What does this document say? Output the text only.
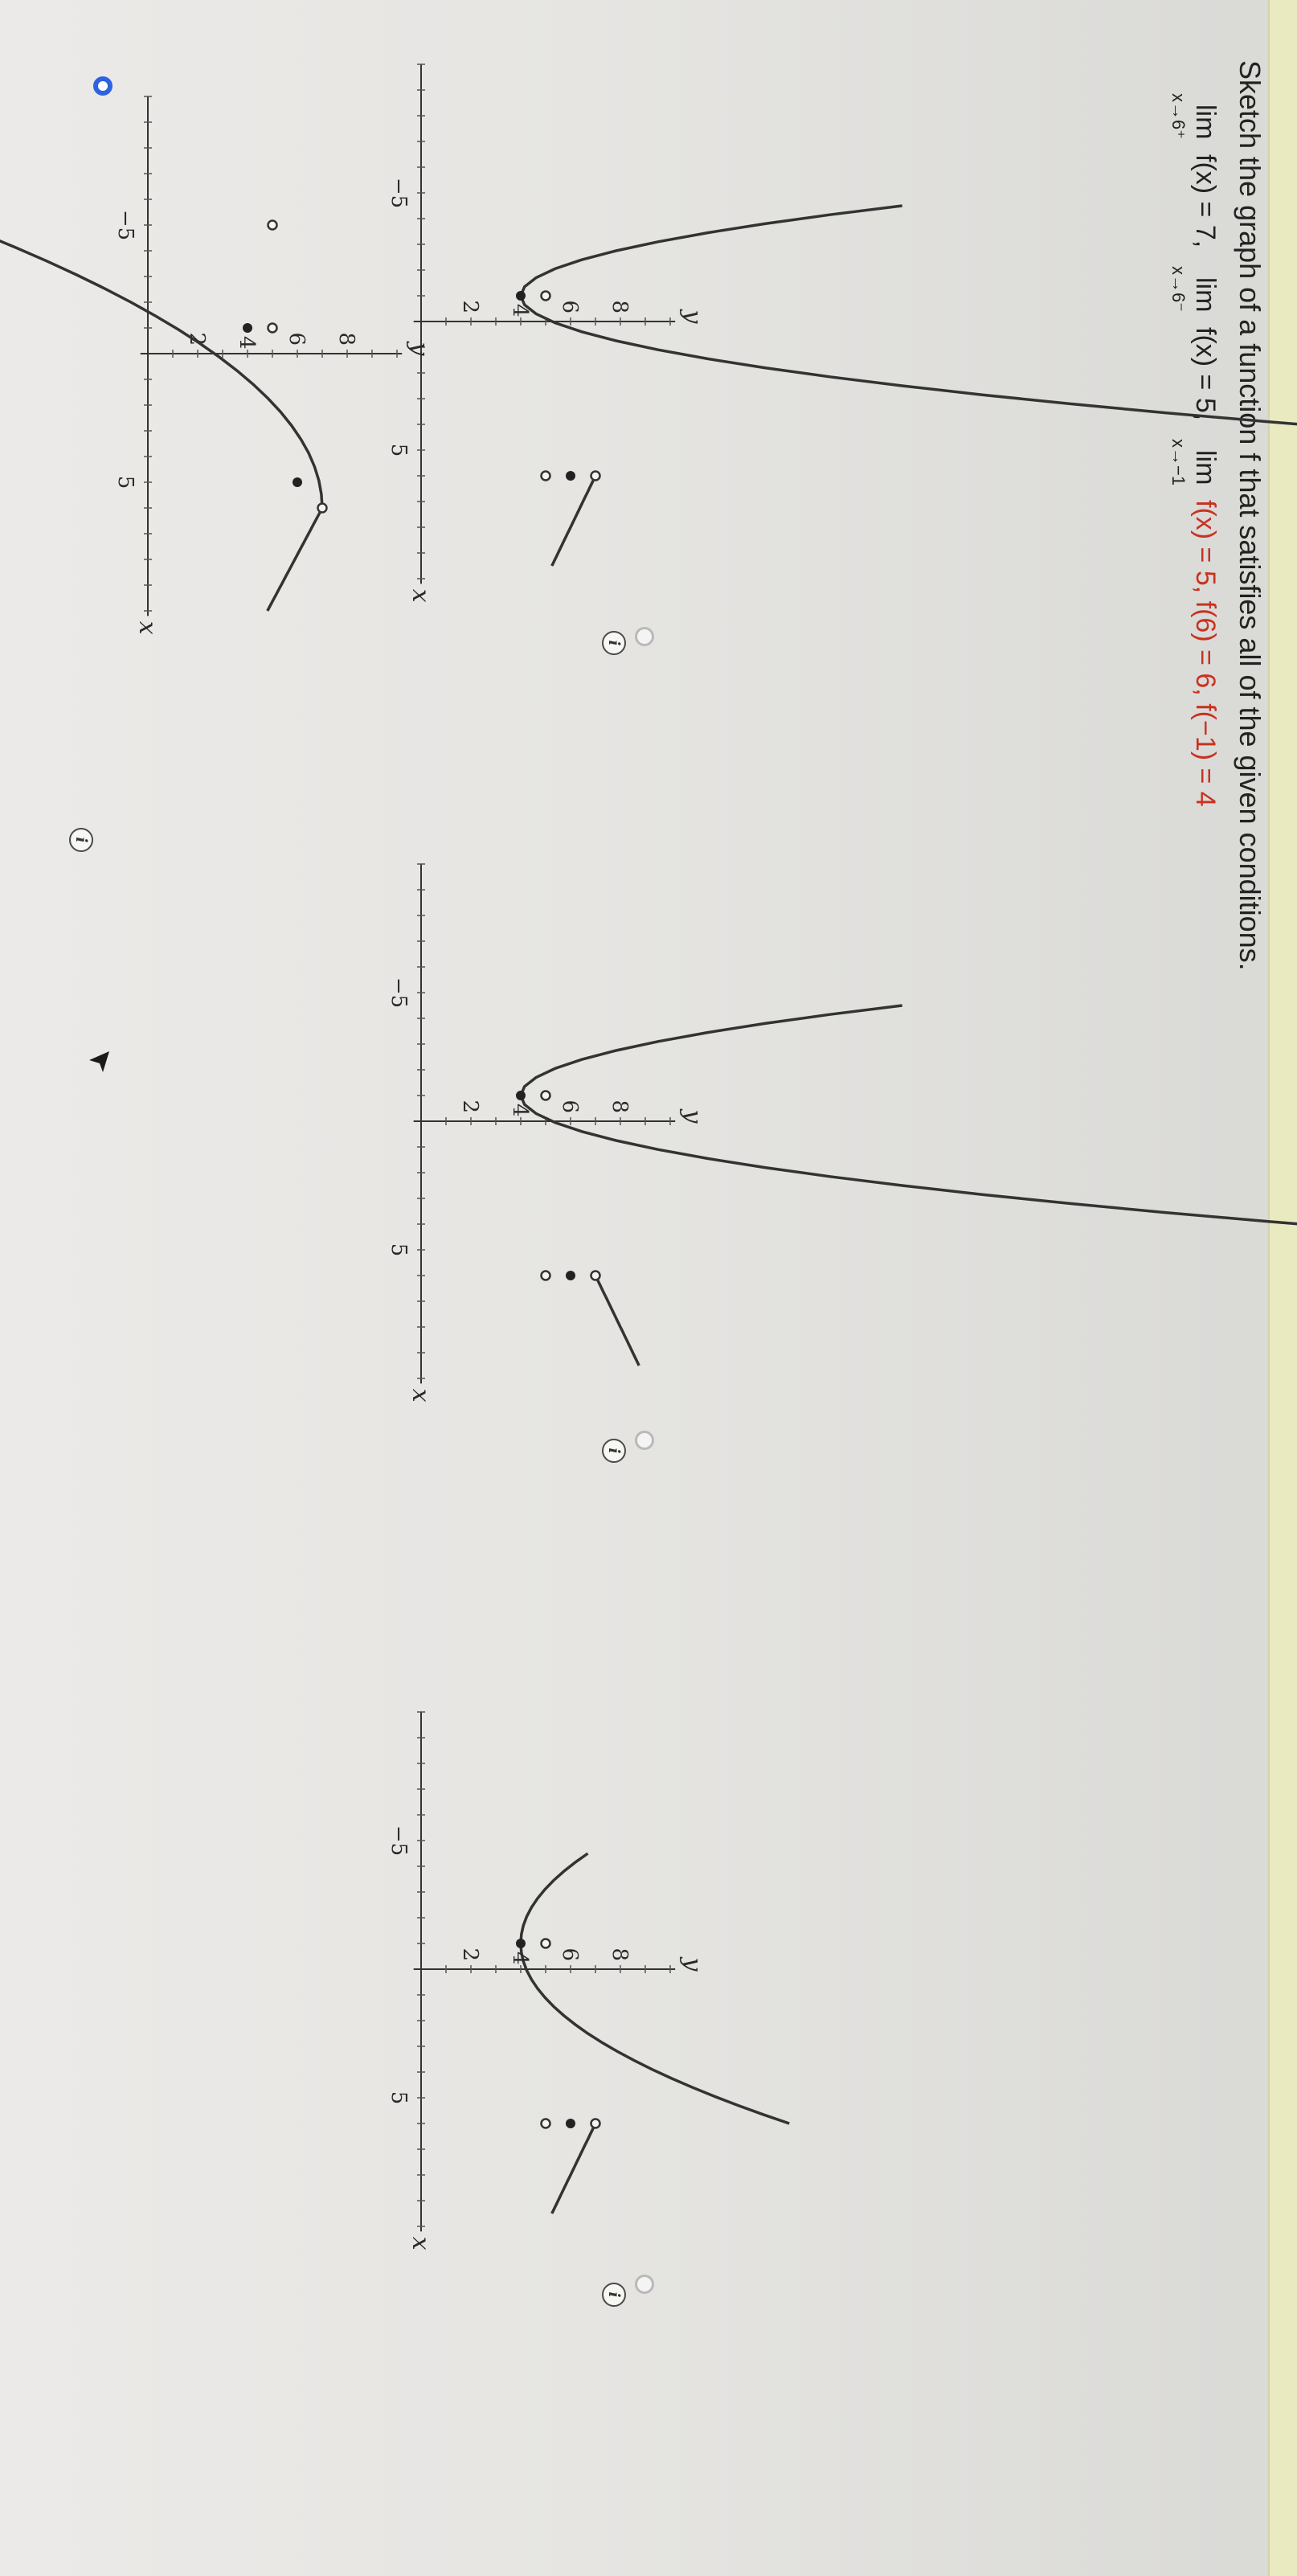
Sketch the graph of a function f that satisfies all of the given conditions.
lim
x→6⁺
f(x) = 7,
lim
x→6⁻
f(x) = 5,
lim
x→−1
f(x) = 5, f(6) = 6, f(−1) = 4
−5
5
2	6 8
x
y
4
i
−5
5
2	6 8
x
y
4
i
−5
5
2	6 8
x
y
4
i
−5
5
2	6 8
x
y
4
i
